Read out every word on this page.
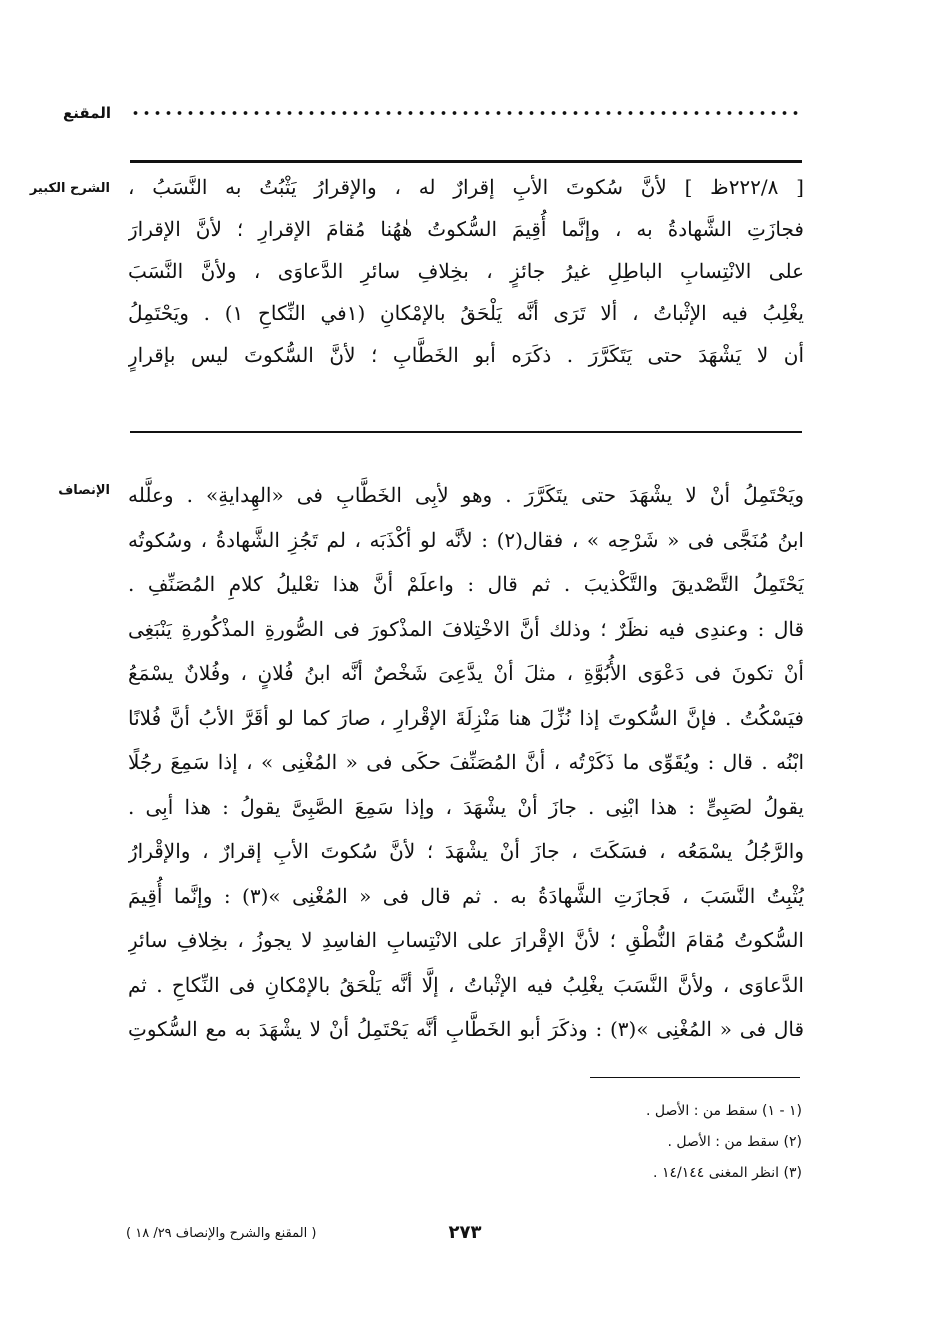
المقنع
الشرح الكبير [ ٢٢٢/٨ظ ] لأنَّ سُكوتَ الأبِ إقرارٌ له ، والإقرارُ يَثْبُتُ به النَّسَبُ ،
فجازَتِ الشَّهادةُ به ، وإنَّما أُقِيمَ السُّكوتُ هٰهُنا مُقامَ الإقرارِ ؛ لأنَّ الإقرارَ
على الانْتِسابِ الباطِلِ غيرُ جائزٍ ، بخِلافِ سائرِ الدَّعاوَى ، ولأنَّ النَّسَبَ
يغْلِبُ فيه الإثْباتُ ، ألا تَرَى أنَّه يَلْحَقُ بالإمْكانِ (١في النِّكاحِ ١) . ويَحْتَمِلُ
أن لا يَشْهَدَ حتى يَتَكَرَّرَ . ذكَرَه أبو الخَطَّابِ ؛ لأنَّ السُّكوتَ ليس بإقرارٍ
الإنصاف ويَحْتَمِلُ أنْ لا يشْهَدَ حتى يتَكَرَّرَ . وهو لأبِى الخَطَّابِ فى «الهِدايةِ» . وعلَّله
ابنُ مُنَجَّى فى « شَرْحِه » ، فقال(٢) : لأنَّه لو أكْذَبَه ، لم تَجُزِ الشَّهادةُ ، وسُكوتُه
يَحْتَمِلُ التَّصْديقَ والتَّكْذيبَ . ثم قال : واعلَمْ أنَّ هذا تعْليلُ كلامِ المُصَنِّفِ .
قال : وعندِى فيه نظَرٌ ؛ وذلك أنَّ الاخْتِلافَ المذْكورَ فى الصُّورةِ المذْكُورةِ يَنْبَغِى
أنْ تكونَ فى دَعْوَى الأُبُوَّةِ ، مثلَ أنْ يدَّعِىَ شَخْصٌ أنَّه ابنُ فُلانٍ ، وفُلانٌ يسْمَعُ
فيَسْكُتُ . فإنَّ السُّكوتَ إذا نُزِّلَ هنا مَنْزِلَةَ الإقْرارِ ، صارَ كما لو أقَرَّ الأبُ أنَّ فُلانًا
ابْنُه . قال : ويُقَوِّى ما ذَكَرْتُه ، أنَّ المُصَنِّفَ حكَى فى « المُغْنِى » ، إذا سَمِعَ رجُلًا
يقولُ لصَبِىٍّ : هذا ابْنِى . جازَ أنْ يشْهَدَ ، وإذا سَمِعَ الصَّبِىَّ يقولُ : هذا أبِى .
والرَّجُلُ يسْمَعُه ، فسَكَتَ ، جازَ أنْ يشْهَدَ ؛ لأنَّ سُكوتَ الأبِ إقرارٌ ، والإقْرارُ
يُثْبِتُ النَّسَبَ ، فَجازَتِ الشَّهادَةُ به . ثم قال فى « المُغْنِى »(٣) : وإنَّما أُقِيمَ
السُّكوتُ مُقامَ النُّطْقِ ؛ لأنَّ الإقْرارَ على الانْتِسابِ الفاسِدِ لا يجوزُ ، بخِلافِ سائرِ
الدَّعاوَى ، ولأنَّ النَّسَبَ يغْلِبُ فيه الإثْباتُ ، إلَّا أنَّه يَلْحَقُ بالإمْكانِ فى النِّكاحِ . ثم
قال فى « المُغْنِى »(٣) : وذكَرَ أبو الخَطَّابِ أنَّه يَحْتَمِلُ أنْ لا يشْهَدَ به مع السُّكوتِ
(١ - ١) سقط من : الأصل .
(٢) سقط من : الأصل .
(٣) انظر المغنى ١٤/١٤٤ .
٢٧٣
( المقنع والشرح والإنصاف ٢٩/ ١٨ )
